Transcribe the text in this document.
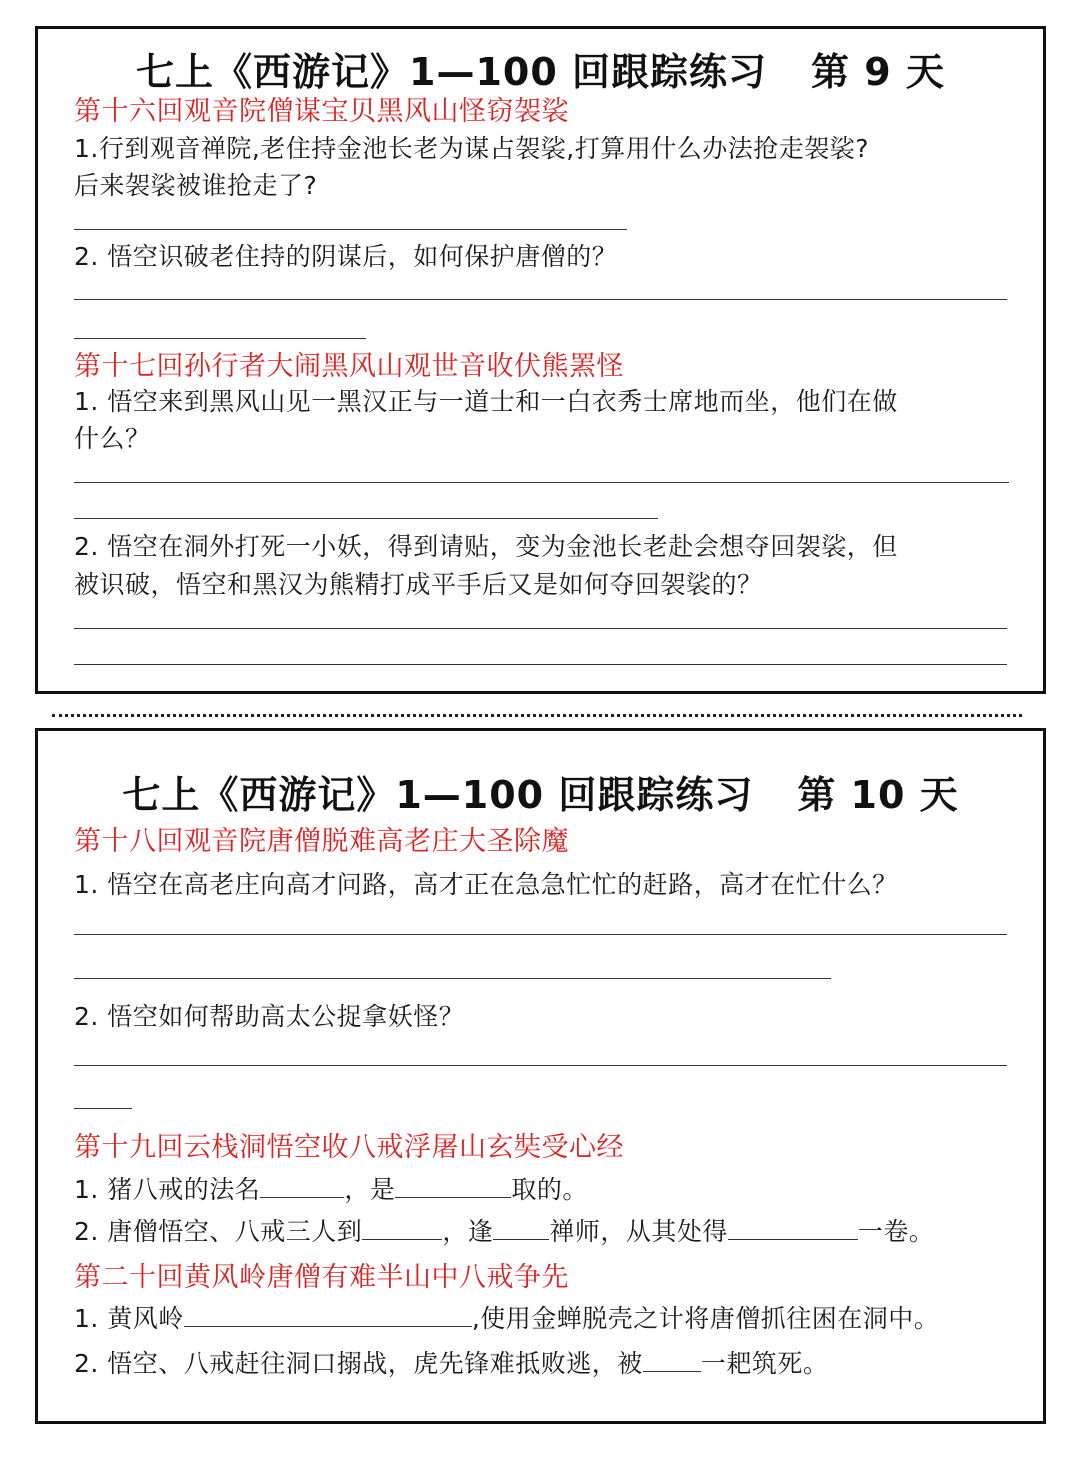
七上《西游记》1—100 回跟踪练习 第 9 天
第十六回观音院僧谋宝贝黑风山怪窃袈裟
1.行到观音禅院,老住持金池长老为谋占袈裟,打算用什么办法抢走袈裟?
后来袈裟被谁抢走了?
2. 悟空识破老住持的阴谋后，如何保护唐僧的？
第十七回孙行者大闹黑风山观世音收伏熊罴怪
1. 悟空来到黑风山见一黑汉正与一道士和一白衣秀士席地而坐，他们在做
什么？
2. 悟空在洞外打死一小妖，得到请贴，变为金池长老赴会想夺回袈裟，但
被识破，悟空和黑汉为熊精打成平手后又是如何夺回袈裟的？
七上《西游记》1—100 回跟踪练习 第 10 天
第十八回观音院唐僧脱难高老庄大圣除魔
1. 悟空在高老庄向高才问路，高才正在急急忙忙的赶路，高才在忙什么？
2. 悟空如何帮助高太公捉拿妖怪？
第十九回云栈洞悟空收八戒浮屠山玄奘受心经
1. 猪八戒的法名	，是	取的。
2. 唐僧悟空、八戒三人到	，逢 禅师，从其处得	一卷。
第二十回黄风岭唐僧有难半山中八戒争先
1. 黄风岭	,使用金蝉脱壳之计将唐僧抓往困在洞中。
2. 悟空、八戒赶往洞口搦战，虎先锋难抵败逃，被 一耙筑死。
